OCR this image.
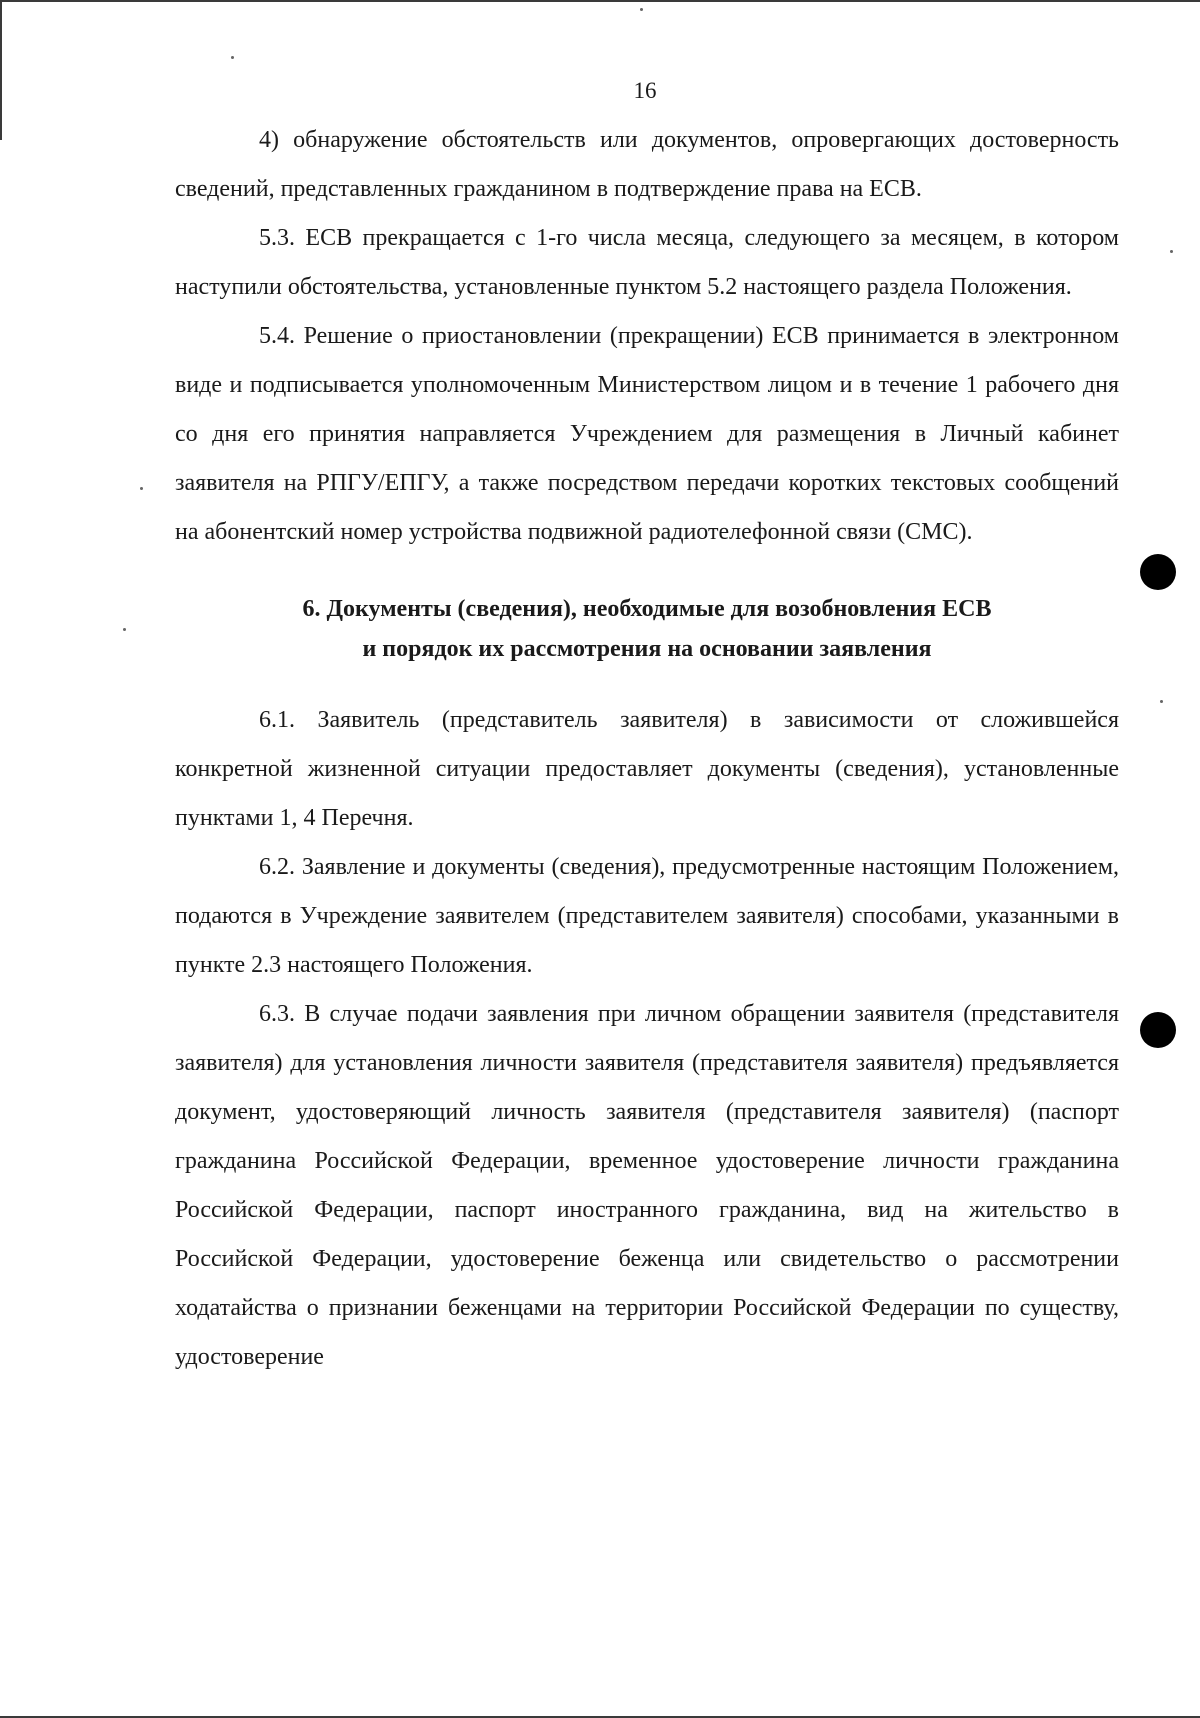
16

4) обнаружение обстоятельств или документов, опровергающих достоверность сведений, представленных гражданином в подтверждение права на ЕСВ.

5.3. ЕСВ прекращается с 1-го числа месяца, следующего за месяцем, в котором наступили обстоятельства, установленные пунктом 5.2 настоящего раздела Положения.

5.4. Решение о приостановлении (прекращении) ЕСВ принимается в электронном виде и подписывается уполномоченным Министерством лицом и в течение 1 рабочего дня со дня его принятия направляется Учреждением для размещения в Личный кабинет заявителя на РПГУ/ЕПГУ, а также посредством передачи коротких текстовых сообщений на абонентский номер устройства подвижной радиотелефонной связи (СМС).

6. Документы (сведения), необходимые для возобновления ЕСВ
и порядок их рассмотрения на основании заявления

6.1. Заявитель (представитель заявителя) в зависимости от сложившейся конкретной жизненной ситуации предоставляет документы (сведения), установленные пунктами 1, 4 Перечня.

6.2. Заявление и документы (сведения), предусмотренные настоящим Положением, подаются в Учреждение заявителем (представителем заявителя) способами, указанными в пункте 2.3 настоящего Положения.

6.3. В случае подачи заявления при личном обращении заявителя (представителя заявителя) для установления личности заявителя (представителя заявителя) предъявляется документ, удостоверяющий личность заявителя (представителя заявителя) (паспорт гражданина Российской Федерации, временное удостоверение личности гражданина Российской Федерации, паспорт иностранного гражданина, вид на жительство в Российской Федерации, удостоверение беженца или свидетельство о рассмотрении ходатайства о признании беженцами на территории Российской Федерации по существу, удостоверение
